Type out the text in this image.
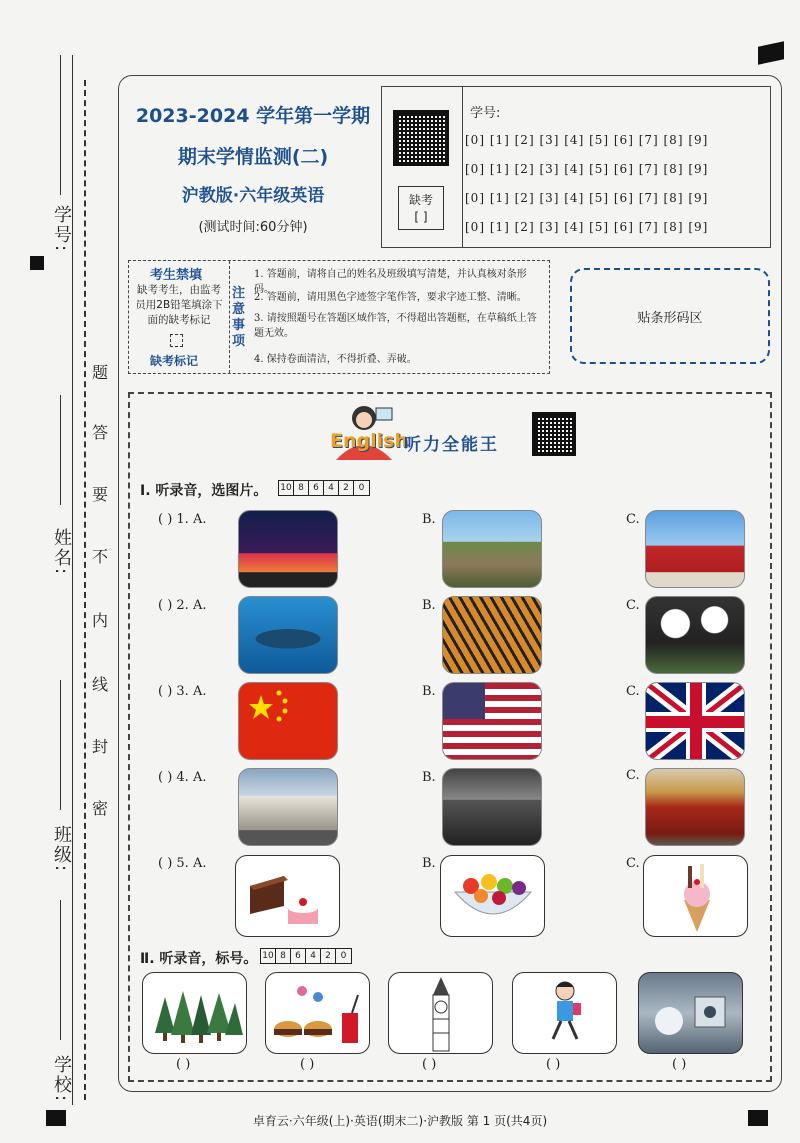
学号:
姓名:
班级:
学校:
题
答
要
不
内
线
封
密
2023-2024 学年第一学期
期末学情监测(二)
沪教版·六年级英语
(测试时间:60分钟)
缺考
[ ]
学号:
[0] [1] [2] [3] [4] [5] [6] [7] [8] [9]
[0] [1] [2] [3] [4] [5] [6] [7] [8] [9]
[0] [1] [2] [3] [4] [5] [6] [7] [8] [9]
[0] [1] [2] [3] [4] [5] [6] [7] [8] [9]
考生禁填
缺考考生，由监考员用2B铅笔填涂下面的缺考标记
缺考标记
注意事项
1. 答题前，请将自己的姓名及班级填写清楚，并认真核对条形码。
2. 答题前，请用黑色字迹签字笔作答，要求字迹工整、清晰。
3. 请按照题号在答题区域作答，不得超出答题框，在草稿纸上答题无效。
4. 保持卷面清洁，不得折叠、弄破。
贴条形码区
English
听力全能王
Ⅰ. 听录音，选图片。 10 8	6	4	2	0
( ) 1. A.	B.	C.
( ) 2. A.	B.	C.
( ) 3. A.	B.	C.
( ) 4. A.	B.	C.
( ) 5. A.	B.	C.
Ⅱ. 听录音，标号。 10 8	6	4	2	0
( )	( )	( )	( )	( )
卓育云·六年级(上)·英语(期末二)·沪教版 第 1 页(共4页)
